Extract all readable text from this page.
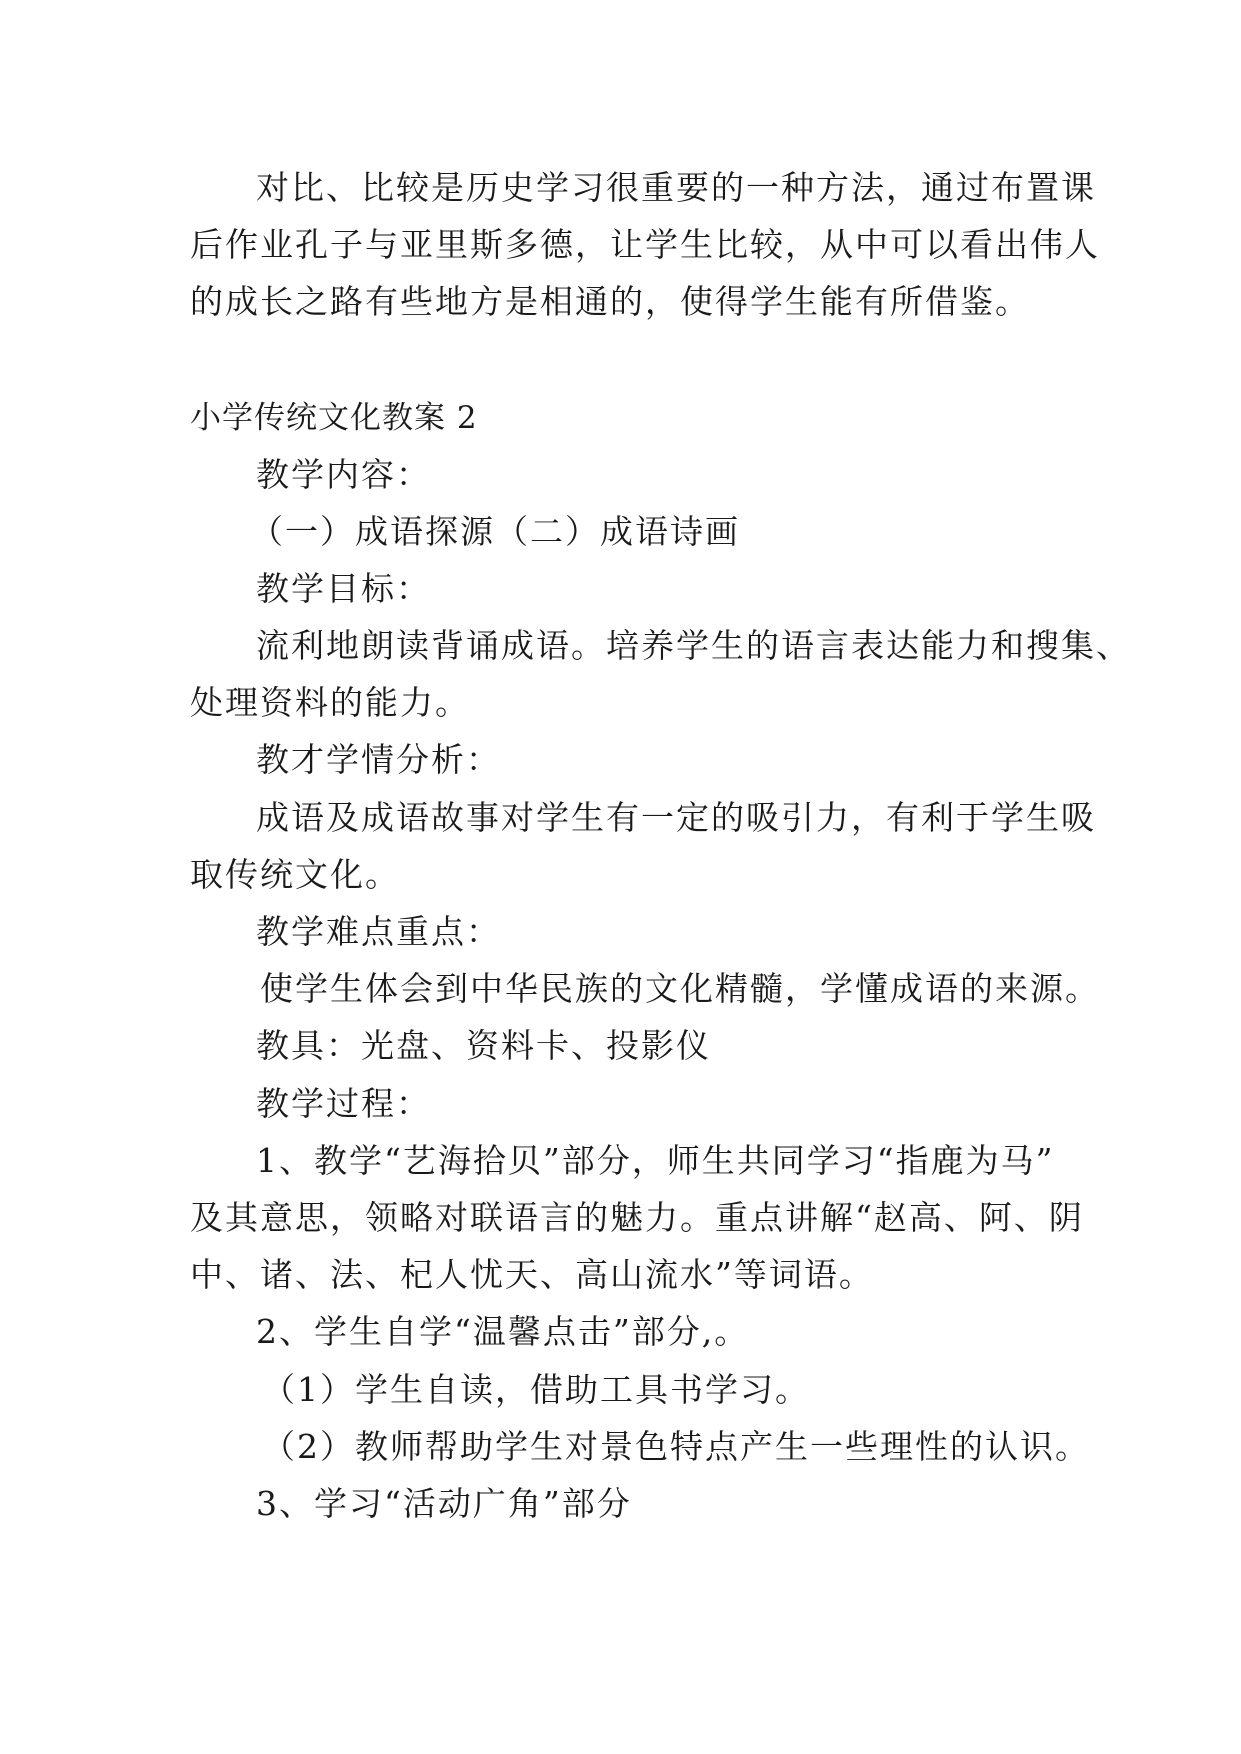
对比、比较是历史学习很重要的一种方法，通过布置课
后作业孔子与亚里斯多德，让学生比较，从中可以看出伟人
的成长之路有些地方是相通的，使得学生能有所借鉴。
小学传统文化教案 2
教学内容：
（一）成语探源（二）成语诗画
教学目标：
流利地朗读背诵成语。培养学生的语言表达能力和搜集、
处理资料的能力。
教才学情分析：
成语及成语故事对学生有一定的吸引力，有利于学生吸
取传统文化。
教学难点重点：
使学生体会到中华民族的文化精髓，学懂成语的来源。
教具：光盘、资料卡、投影仪
教学过程：
1、教学“艺海拾贝”部分，师生共同学习“指鹿为马”
及其意思，领略对联语言的魅力。重点讲解“赵高、阿、阴
中、诸、法、杞人忧天、高山流水”等词语。
2、学生自学“温馨点击”部分,。
（1）学生自读，借助工具书学习。
（2）教师帮助学生对景色特点产生一些理性的认识。
3、学习“活动广角”部分
